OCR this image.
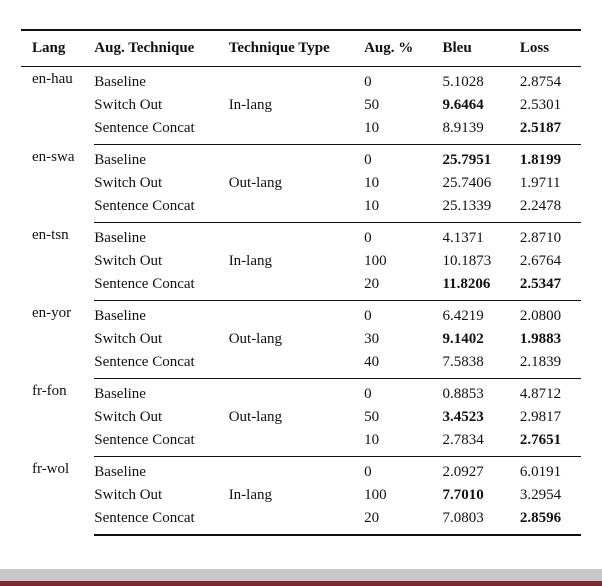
Lang	Aug. Technique	Technique Type	Aug. %	Bleu	Loss
en-hau	Baseline		0	5.1028	2.8754
	Switch Out	In-lang	50	9.6464	2.5301
	Sentence Concat		10	8.9139	2.5187
en-swa	Baseline		0	25.7951	1.8199
	Switch Out	Out-lang	10	25.7406	1.9711
	Sentence Concat		10	25.1339	2.2478
en-tsn	Baseline		0	4.1371	2.8710
	Switch Out	In-lang	100	10.1873	2.6764
	Sentence Concat		20	11.8206	2.5347
en-yor	Baseline		0	6.4219	2.0800
	Switch Out	Out-lang	30	9.1402	1.9883
	Sentence Concat		40	7.5838	2.1839
fr-fon	Baseline		0	0.8853	4.8712
	Switch Out	Out-lang	50	3.4523	2.9817
	Sentence Concat		10	2.7834	2.7651
fr-wol	Baseline		0	2.0927	6.0191
	Switch Out	In-lang	100	7.7010	3.2954
	Sentence Concat		20	7.0803	2.8596
